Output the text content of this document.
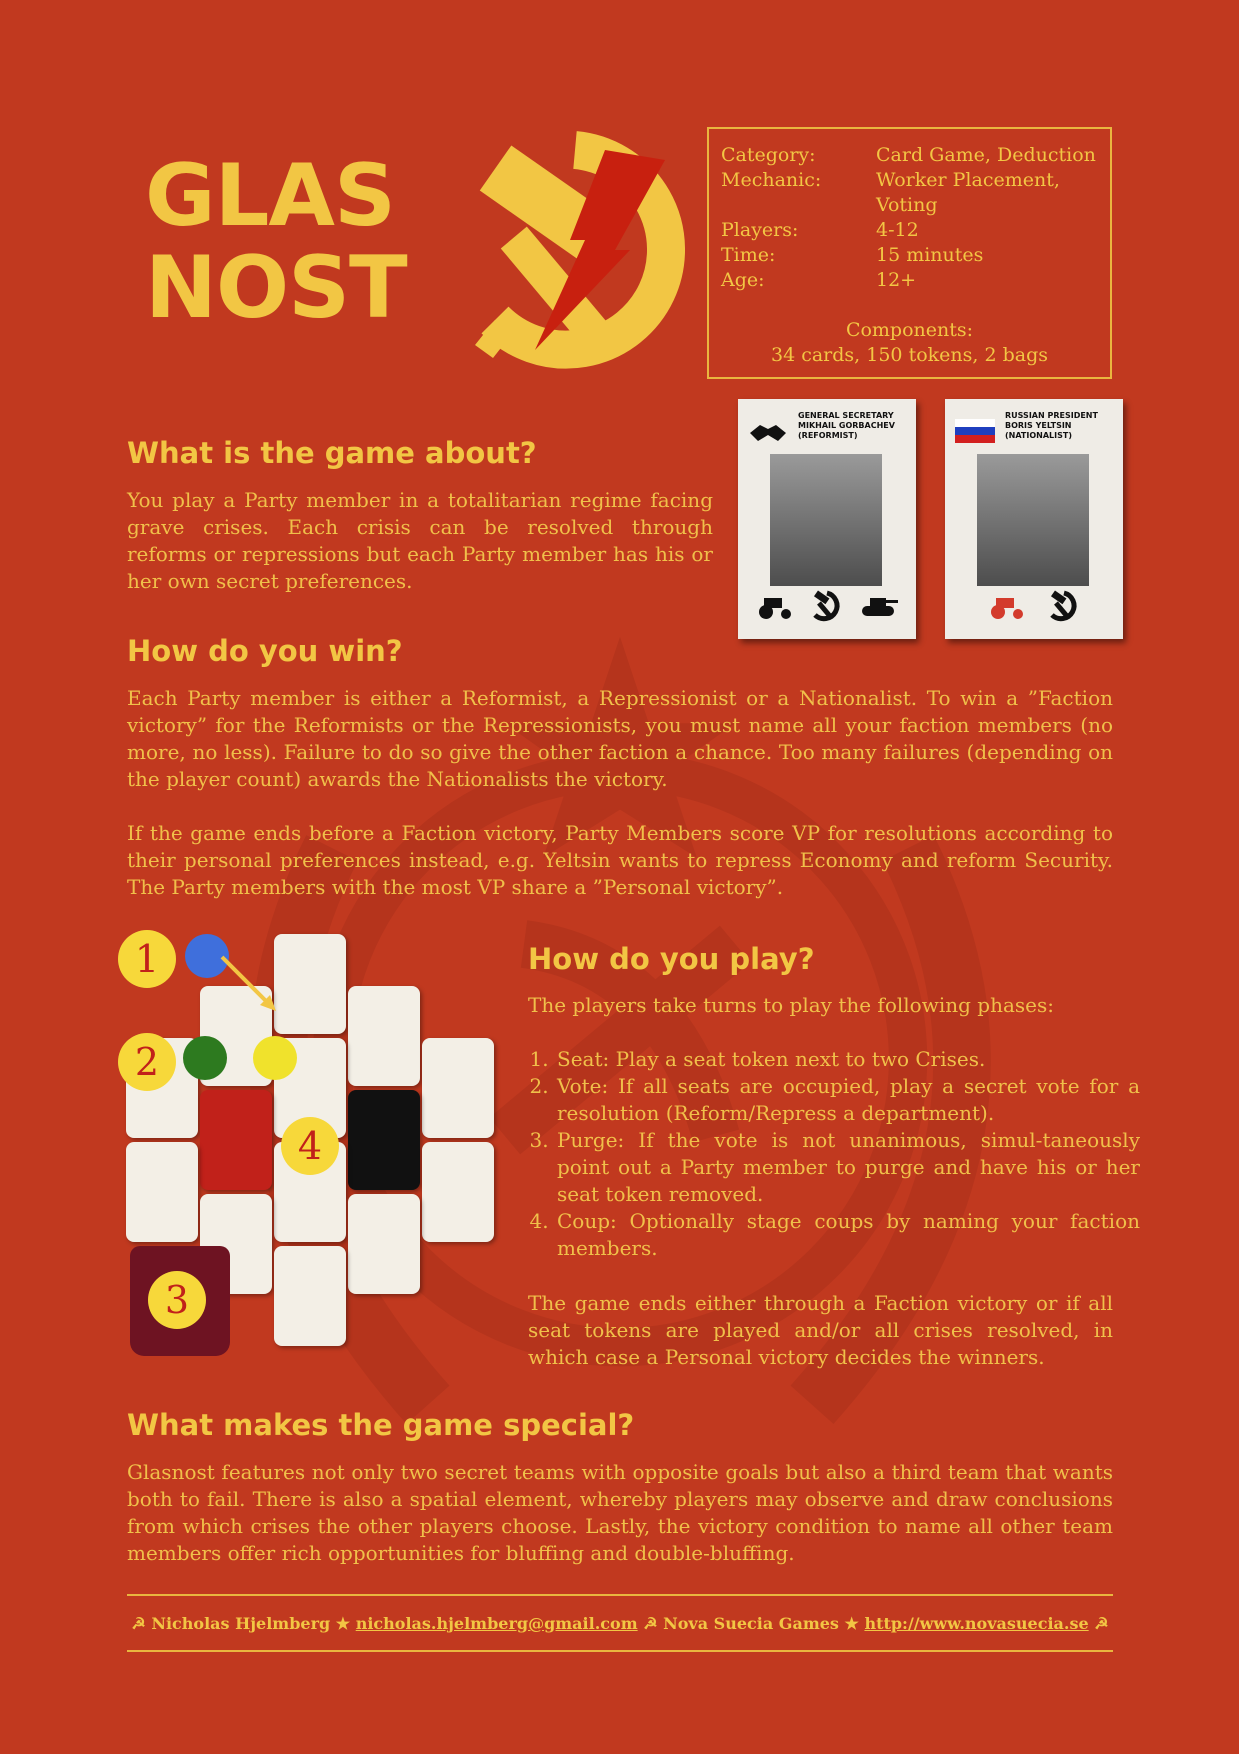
GLAS
NOST
Category:	Card Game, Deduction
Mechanic:	Worker Placement,
Voting
Players:	4-12
Time:	15 minutes
Age:	12+
Components:
34 cards, 150 tokens, 2 bags
GENERAL SECRETARY
MIKHAIL GORBACHEV
(REFORMIST)
RUSSIAN PRESIDENT
BORIS YELTSIN
(NATIONALIST)
What is the game about?

You play a Party member in a totalitarian regime facing grave crises. Each crisis can be resolved through reforms or repressions but each Party member has his or her own secret preferences.

How do you win?

Each Party member is either a Reformist, a Repressionist or a Nationalist. To win a ”Faction victory” for the Reformists or the Repressionists, you must name all your faction members (no more, no less). Failure to do so give the other faction a chance. Too many failures (depending on the player count) awards the Nationalists the victory.

If the game ends before a Faction victory, Party Members score VP for resolutions according to their personal preferences instead, e.g. Yeltsin wants to repress Economy and reform Security. The Party members with the most VP share a ”Personal victory”.

1
2
3
4
How do you play?

The players take turns to play the following phases:

1. Seat: Play a seat token next to two Crises.
2. Vote: If all seats are occupied, play a secret vote for a resolution (Reform/Repress a department).
3. Purge: If the vote is not unanimous, simul-taneously point out a Party member to purge and have his or her seat token removed.
4. Coup: Optionally stage coups by naming your faction members.

The game ends either through a Faction victory or if all seat tokens are played and/or all crises resolved, in which case a Personal victory decides the winners.

What makes the game special?

Glasnost features not only two secret teams with opposite goals but also a third team that wants both to fail. There is also a spatial element, whereby players may observe and draw conclusions from which crises the other players choose. Lastly, the victory condition to name all other team members offer rich opportunities for bluffing and double-bluffing.

☭ Nicholas Hjelmberg ★ nicholas.hjelmberg@gmail.com ☭ Nova Suecia Games ★ http://www.novasuecia.se ☭
